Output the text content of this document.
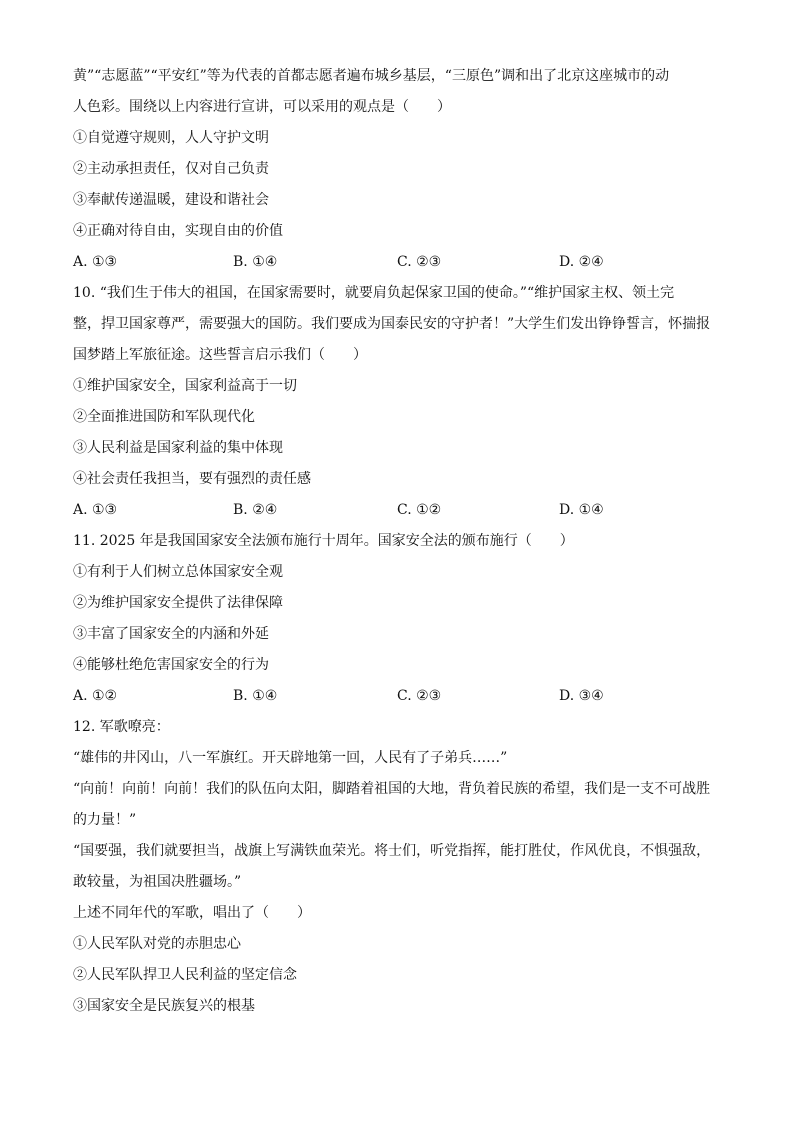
黄”“志愿蓝”“平安红”等为代表的首都志愿者遍布城乡基层，“三原色”调和出了北京这座城市的动
人色彩。围绕以上内容进行宣讲，可以采用的观点是（　　）
①自觉遵守规则，人人守护文明
②主动承担责任，仅对自己负责
③奉献传递温暖，建设和谐社会
④正确对待自由，实现自由的价值
A. ①③	B. ①④	C. ②③	D. ②④
10. “我们生于伟大的祖国，在国家需要时，就要肩负起保家卫国的使命。”“维护国家主权、领土完
整，捍卫国家尊严，需要强大的国防。我们要成为国泰民安的守护者！”大学生们发出铮铮誓言，怀揣报
国梦踏上军旅征途。这些誓言启示我们（　　）
①维护国家安全，国家利益高于一切
②全面推进国防和军队现代化
③人民利益是国家利益的集中体现
④社会责任我担当，要有强烈的责任感
A. ①③	B. ②④	C. ①②	D. ①④
11. 2025 年是我国国家安全法颁布施行十周年。国家安全法的颁布施行（　　）
①有利于人们树立总体国家安全观
②为维护国家安全提供了法律保障
③丰富了国家安全的内涵和外延
④能够杜绝危害国家安全的行为
A. ①②	B. ①④	C. ②③	D. ③④
12. 军歌嘹亮：
“雄伟的井冈山，八一军旗红。开天辟地第一回，人民有了子弟兵……”
“向前！向前！向前！我们的队伍向太阳，脚踏着祖国的大地，背负着民族的希望，我们是一支不可战胜
的力量！”
“国要强，我们就要担当，战旗上写满铁血荣光。将士们，听党指挥，能打胜仗，作风优良，不惧强敌，
敢较量，为祖国决胜疆场。”
上述不同年代的军歌，唱出了（　　）
①人民军队对党的赤胆忠心
②人民军队捍卫人民利益的坚定信念
③国家安全是民族复兴的根基
